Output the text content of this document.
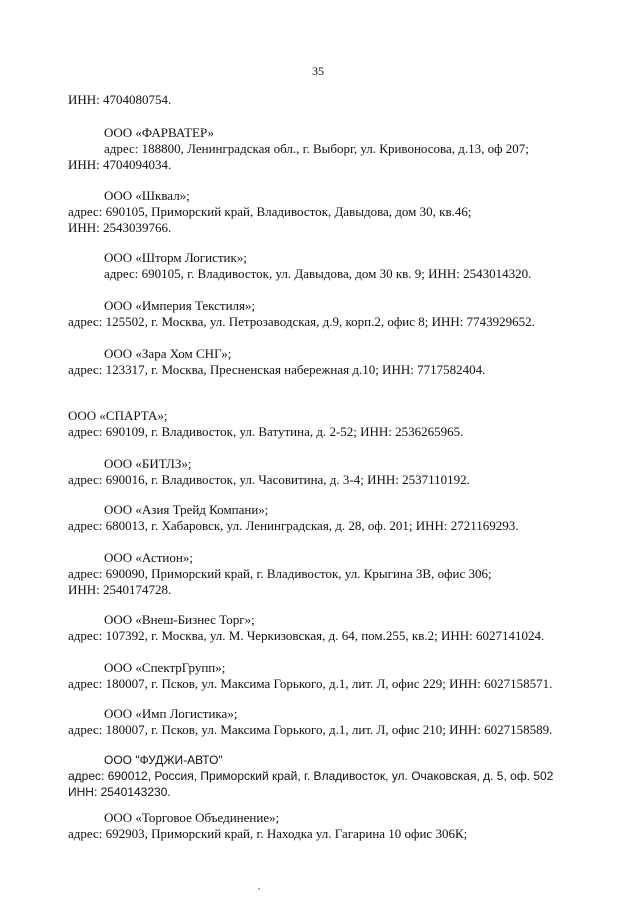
35
ИНН: 4704080754.
ООО «ФАРВАТЕР»
адрес: 188800, Ленинградская обл., г. Выборг, ул. Кривоносова, д.13, оф 207;
ИНН: 4704094034.
ООО «Шквал»;
адрес: 690105, Приморский край, Владивосток, Давыдова, дом 30, кв.46;
ИНН: 2543039766.
ООО «Шторм Логистик»;
адрес: 690105, г. Владивосток, ул. Давыдова, дом 30 кв. 9; ИНН: 2543014320.
ООО «Империя Текстиля»;
адрес: 125502, г. Москва, ул. Петрозаводская, д.9, корп.2, офис 8; ИНН: 7743929652.
ООО «Зара Хом СНГ»;
адрес: 123317, г. Москва, Пресненская набережная д.10; ИНН: 7717582404.
ООО «СПАРТА»;
адрес: 690109, г. Владивосток, ул. Ватутина, д. 2-52; ИНН: 2536265965.
ООО «БИТЛЗ»;
адрес: 690016, г. Владивосток, ул. Часовитина, д. 3-4; ИНН: 2537110192.
ООО «Азия Трейд Компани»;
адрес: 680013, г. Хабаровск, ул. Ленинградская, д. 28, оф. 201; ИНН: 2721169293.
ООО «Астион»;
адрес: 690090, Приморский край, г. Владивосток, ул. Крыгина 3В, офис 306;
ИНН: 2540174728.
ООО «Внеш-Бизнес Торг»;
адрес: 107392, г. Москва, ул. М. Черкизовская, д. 64, пом.255, кв.2; ИНН: 6027141024.
ООО «СпектрГрупп»;
адрес: 180007, г. Псков, ул. Максима Горького, д.1, лит. Л, офис 229; ИНН: 6027158571.
ООО «Имп Логистика»;
адрес: 180007, г. Псков, ул. Максима Горького, д.1, лит. Л, офис 210; ИНН: 6027158589.
ООО "ФУДЖИ-АВТО"
адрес: 690012, Россия, Приморский край, г. Владивосток, ул. Очаковская, д. 5, оф. 502
ИНН: 2540143230.
ООО «Торговое Объединение»;
адрес: 692903, Приморский край, г. Находка ул. Гагарина 10 офис 306К;
